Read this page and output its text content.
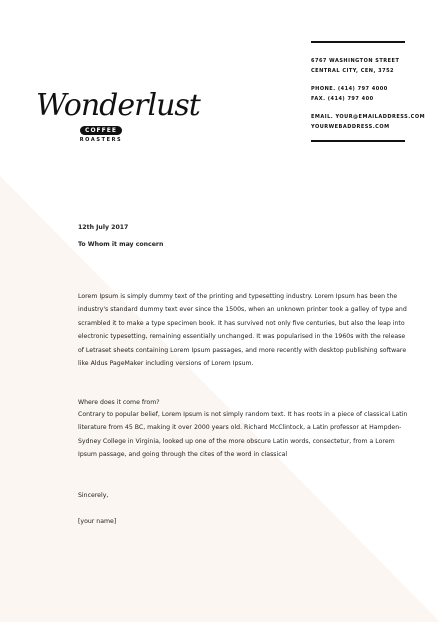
Wonderlust
COFFEE
ROASTERS
6767 WASHINGTON STREET
CENTRAL CITY, CEN, 3752
PHONE. (414) 797 4000
FAX. (414) 797 400
EMAIL. YOUR@EMAILADDRESS.COM
YOURWEBADDRESS.COM
12th July 2017
To Whom it may concern
Lorem Ipsum is simply dummy text of the printing and typesetting industry. Lorem Ipsum has been the
industry's standard dummy text ever since the 1500s, when an unknown printer took a galley of type and
scrambled it to make a type specimen book. It has survived not only five centuries, but also the leap into
electronic typesetting, remaining essentially unchanged. It was popularised in the 1960s with the release
of Letraset sheets containing Lorem Ipsum passages, and more recently with desktop publishing software
like Aldus PageMaker including versions of Lorem Ipsum.
Where does it come from?
Contrary to popular belief, Lorem Ipsum is not simply random text. It has roots in a piece of classical Latin
literature from 45 BC, making it over 2000 years old. Richard McClintock, a Latin professor at Hampden-
Sydney College in Virginia, looked up one of the more obscure Latin words, consectetur, from a Lorem
Ipsum passage, and going through the cites of the word in classical
Sincerely,
[your name]
